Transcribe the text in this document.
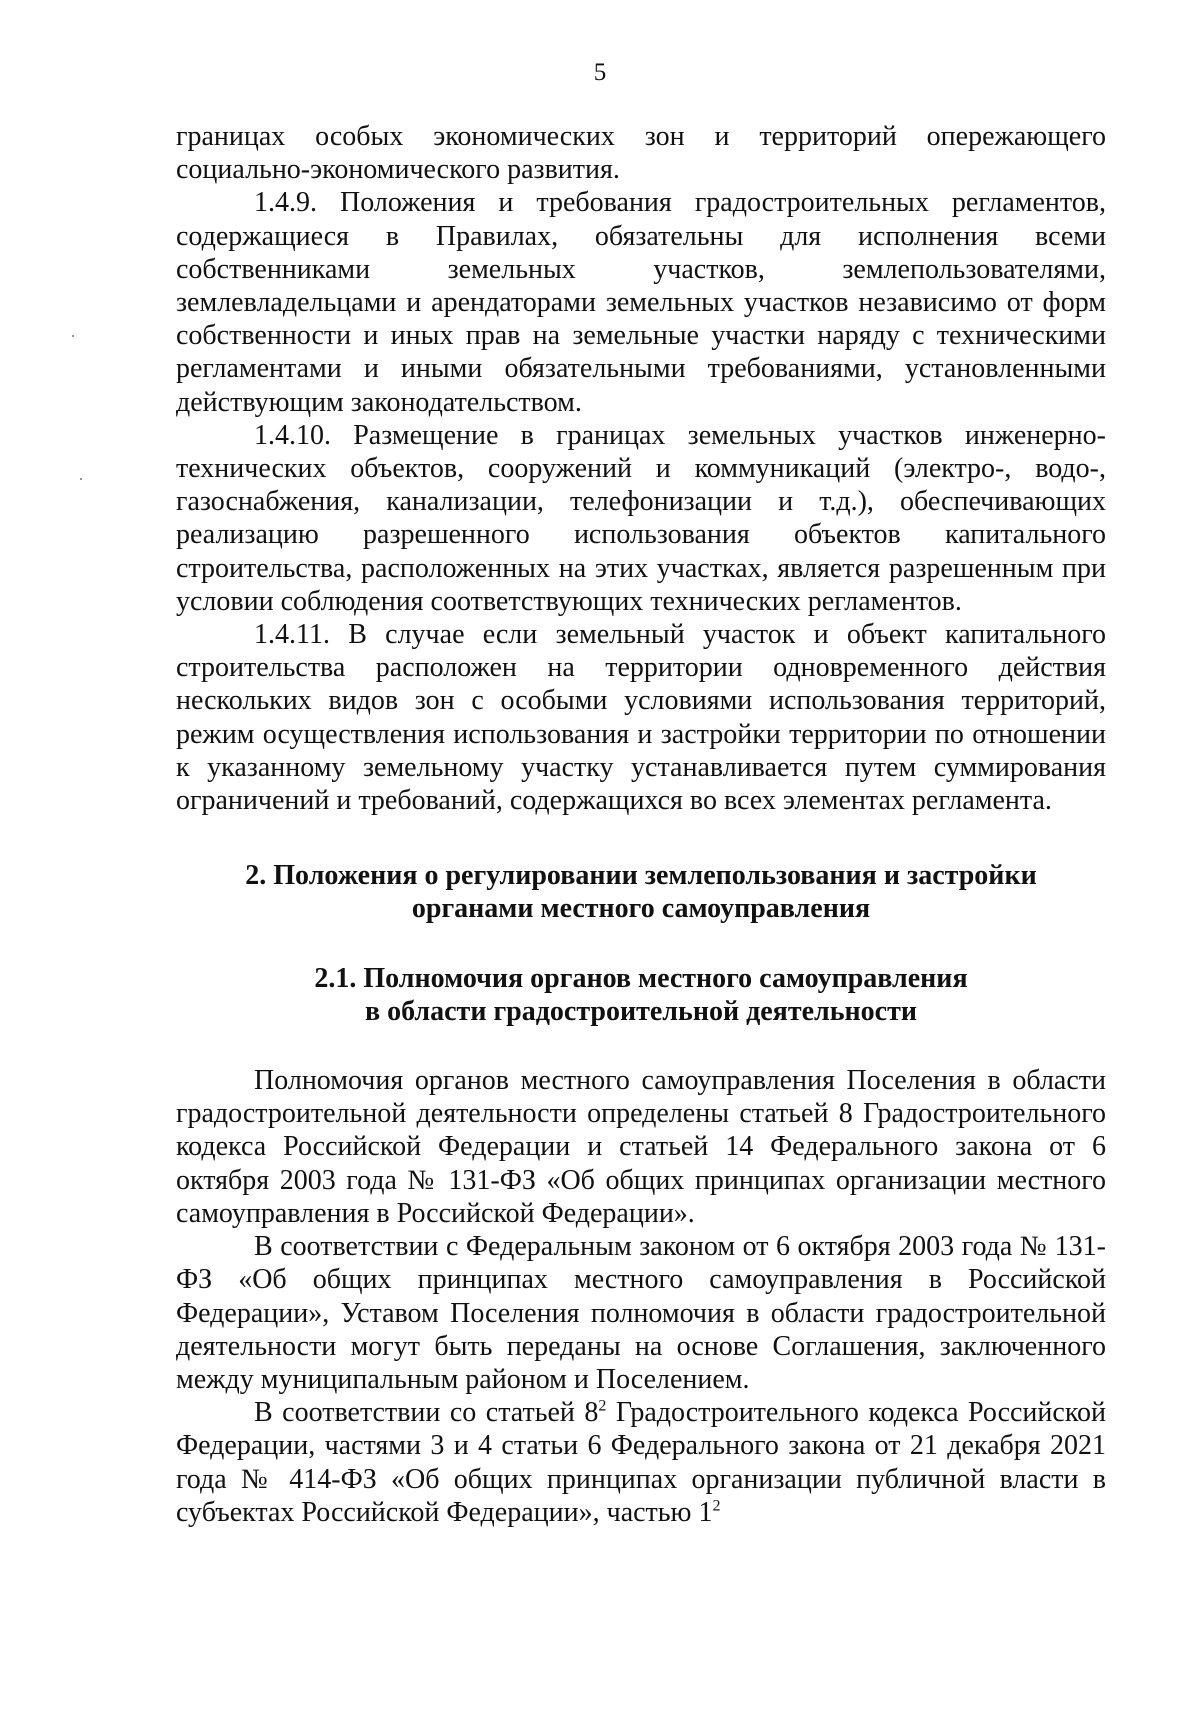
5

границах особых экономических зон и территорий опережающего социально-экономического развития.

1.4.9. Положения и требования градостроительных регламентов, содержащиеся в Правилах, обязательны для исполнения всеми собственниками земельных участков, землепользователями, землевладельцами и арендаторами земельных участков независимо от форм собственности и иных прав на земельные участки наряду с техническими регламентами и иными обязательными требованиями, установленными действующим законодательством.

1.4.10. Размещение в границах земельных участков инженерно-технических объектов, сооружений и коммуникаций (электро-, водо-, газоснабжения, канализации, телефонизации и т.д.), обеспечивающих реализацию разрешенного использования объектов капитального строительства, расположенных на этих участках, является разрешенным при условии соблюдения соответствующих технических регламентов.

1.4.11. В случае если земельный участок и объект капитального строительства расположен на территории одновременного действия нескольких видов зон с особыми условиями использования территорий, режим осуществления использования и застройки территории по отношении к указанному земельному участку устанавливается путем суммирования ограничений и требований, содержащихся во всех элементах регламента.

2. Положения о регулировании землепользования и застройки
органами местного самоуправления
2.1. Полномочия органов местного самоуправления
в области градостроительной деятельности

Полномочия органов местного самоуправления Поселения в области градостроительной деятельности определены статьей 8 Градостроительного кодекса Российской Федерации и статьей 14 Федерального закона от 6 октября 2003 года № 131-ФЗ «Об общих принципах организации местного самоуправления в Российской Федерации».

В соответствии с Федеральным законом от 6 октября 2003 года № 131-ФЗ «Об общих принципах местного самоуправления в Российской Федерации», Уставом Поселения полномочия в области градостроительной деятельности могут быть переданы на основе Соглашения, заключенного между муниципальным районом и Поселением.

В соответствии со статьей $8^2$ Градостроительного кодекса Российской Федерации, частями 3 и 4 статьи 6 Федерального закона от 21 декабря 2021 года № 414-ФЗ «Об общих принципах организации публичной власти в субъектах Российской Федерации», частью $1^2$
